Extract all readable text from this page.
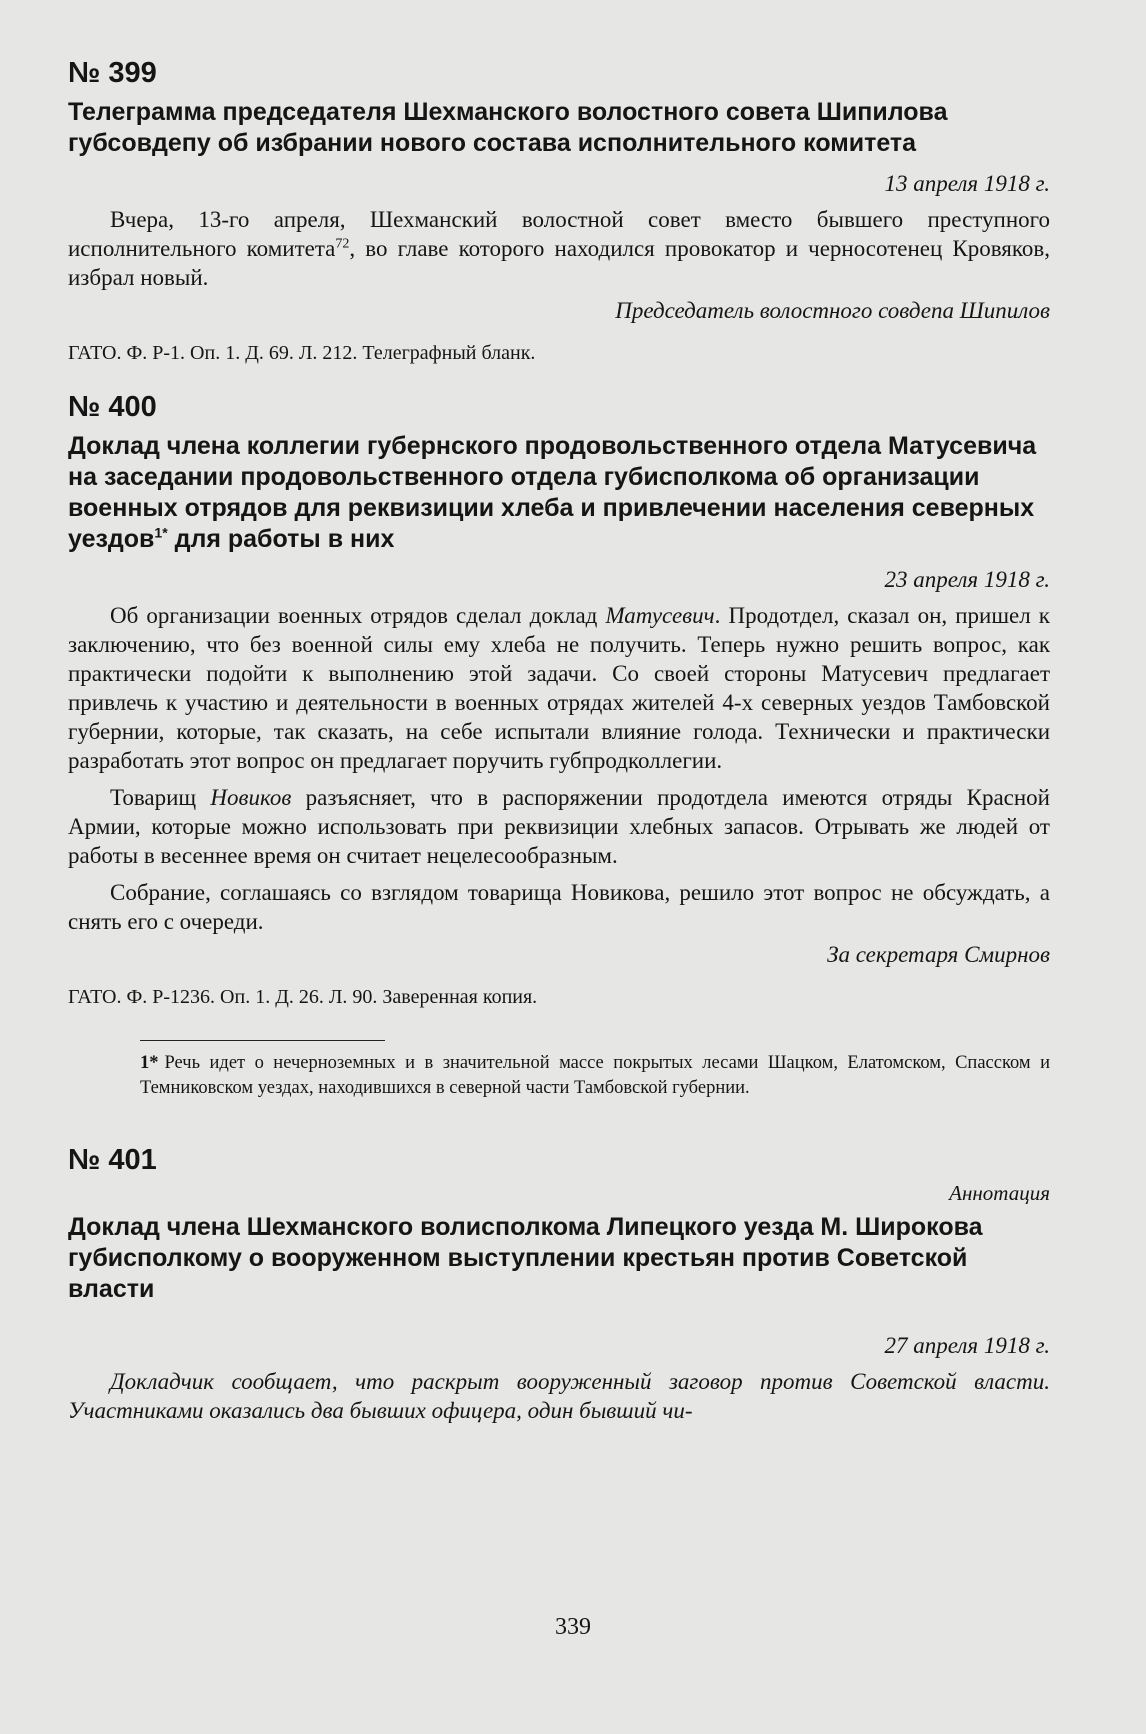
№ 399
Телеграмма председателя Шехманского волостного совета Шипилова губсовдепу об избрании нового состава исполнительного комитета
13 апреля 1918 г.

Вчера, 13-го апреля, Шехманский волостной совет вместо бывшего преступного исполнительного комитета$^{72}$, во главе которого находился провокатор и черносотенец Кровяков, избрал новый.

Председатель волостного совдепа Шипилов
ГАТО. Ф. Р-1. Оп. 1. Д. 69. Л. 212. Телеграфный бланк.
№ 400
Доклад члена коллегии губернского продовольственного отдела Матусевича на заседании продовольственного отдела губисполкома об организации военных отрядов для реквизиции хлеба и привлечении населения северных уездов$^{1*}$ для работы в них
23 апреля 1918 г.

Об организации военных отрядов сделал доклад Матусевич. Продотдел, сказал он, пришел к заключению, что без военной силы ему хлеба не получить. Теперь нужно решить вопрос, как практически подойти к выполнению этой задачи. Со своей стороны Матусевич предлагает привлечь к участию и деятельности в военных отрядах жителей 4-х северных уездов Тамбовской губернии, которые, так сказать, на себе испытали влияние голода. Технически и практически разработать этот вопрос он предлагает поручить губпродколлегии.

Товарищ Новиков разъясняет, что в распоряжении продотдела имеются отряды Красной Армии, которые можно использовать при реквизиции хлебных запасов. Отрывать же людей от работы в весеннее время он считает нецелесообразным.

Собрание, соглашаясь со взглядом товарища Новикова, решило этот вопрос не обсуждать, а снять его с очереди.

За секретаря Смирнов
ГАТО. Ф. Р-1236. Оп. 1. Д. 26. Л. 90. Заверенная копия.

1* Речь идет о нечерноземных и в значительной массе покрытых лесами Шацком, Елатомском, Спасском и Темниковском уездах, находившихся в северной части Тамбовской губернии.

№ 401
Аннотация
Доклад члена Шехманского волисполкома Липецкого уезда М. Широкова губисполкому о вооруженном выступлении крестьян против Советской власти
27 апреля 1918 г.

Докладчик сообщает, что раскрыт вооруженный заговор против Советской власти. Участниками оказались два бывших офицера, один бывший чи-

339
